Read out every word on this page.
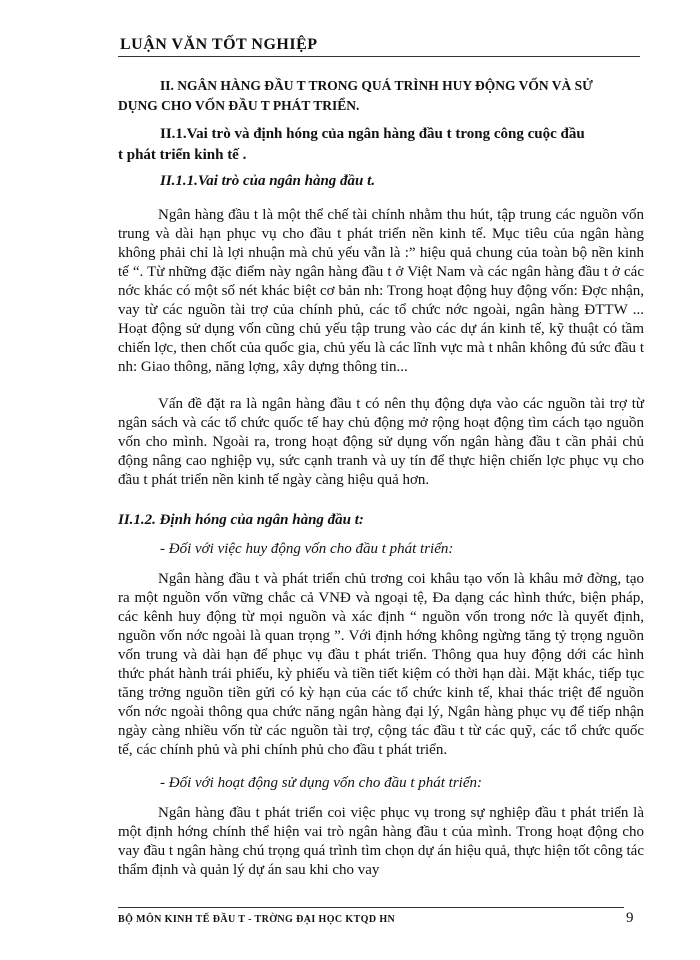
LUẬN VĂN TỐT NGHIỆP
II. NGÂN HÀNG ĐẦU T TRONG QUÁ TRÌNH HUY ĐỘNG VỐN VÀ SỬ
DỤNG CHO VỐN ĐẦU T PHÁT TRIỂN.
II.1.Vai trò và định hóng của ngân hàng đầu t trong công cuộc đầu
t phát triển kinh tế .
II.1.1.Vai trò của ngân hàng đầu t.

Ngân hàng đầu t là một thể chế tài chính nhằm thu hút, tập trung các nguồn vốn trung và dài hạn phục vụ cho đầu t phát triển nền kinh tế. Mục tiêu của ngân hàng không phải chỉ là lợi nhuận mà chủ yếu vẫn là :” hiệu quả chung của toàn bộ nền kinh tế “. Từ những đặc điểm này ngân hàng đầu t ở Việt Nam và các ngân hàng đầu t ở các nớc khác có một số nét khác biệt cơ bản nh: Trong hoạt động huy động vốn: Đợc nhận, vay từ các nguồn tài trợ của chính phủ, các tổ chức nớc ngoài, ngân hàng ĐTTW ... Hoạt động sử dụng vốn cũng chủ yếu tập trung vào các dự án kinh tế, kỹ thuật có tầm chiến lợc, then chốt của quốc gia, chủ yếu là các lĩnh vực mà t nhân không đủ sức đầu t nh: Giao thông, năng lợng, xây dựng thông tin...

Vấn đề đặt ra là ngân hàng đầu t có nên thụ động dựa vào các nguồn tài trợ từ ngân sách và các tổ chức quốc tế hay chủ động mở rộng hoạt động tìm cách tạo nguồn vốn cho mình. Ngoài ra, trong hoạt động sử dụng vốn ngân hàng đầu t cần phải chủ động nâng cao nghiệp vụ, sức cạnh tranh và uy tín để thực hiện chiến lợc phục vụ cho đầu t phát triển nền kinh tế ngày càng hiệu quả hơn.

II.1.2. Định hóng của ngân hàng đầu t:
- Đối với việc huy động vốn cho đầu t phát triển:

Ngân hàng đầu t và phát triển chủ trơng coi khâu tạo vốn là khâu mở đờng, tạo ra một nguồn vốn vững chắc cả VNĐ và ngoại tệ, Đa dạng các hình thức, biện pháp, các kênh huy động từ mọi nguồn và xác định “ nguồn vốn trong nớc là quyết định, nguồn vốn nớc ngoài là quan trọng ”. Với định hớng không ngừng tăng tỷ trọng nguồn vốn trung và dài hạn để phục vụ đầu t phát triển. Thông qua huy động dới các hình thức phát hành trái phiếu, kỳ phiếu và tiền tiết kiệm có thời hạn dài. Mặt khác, tiếp tục tăng trởng nguồn tiền gửi có kỳ hạn của các tổ chức kinh tế, khai thác triệt để nguồn vốn nớc ngoài thông qua chức năng ngân hàng đại lý, Ngân hàng phục vụ để tiếp nhận ngày càng nhiều vốn từ các nguồn tài trợ, cộng tác đầu t từ các quỹ, các tổ chức quốc tế, các chính phủ và phi chính phủ cho đầu t phát triển.

- Đối với hoạt động sử dụng vốn cho đầu t phát triển:

Ngân hàng đầu t phát triển coi việc phục vụ trong sự nghiệp đầu t phát triển là một định hớng chính thể hiện vai trò ngân hàng đầu t của mình. Trong hoạt động cho vay đầu t ngân hàng chú trọng quá trình tìm chọn dự án hiệu quả, thực hiện tốt công tác thẩm định và quản lý dự án sau khi cho vay

BỘ MÔN KINH TẾ ĐẦU T - TRỜNG ĐẠI HỌC KTQD HN	9
